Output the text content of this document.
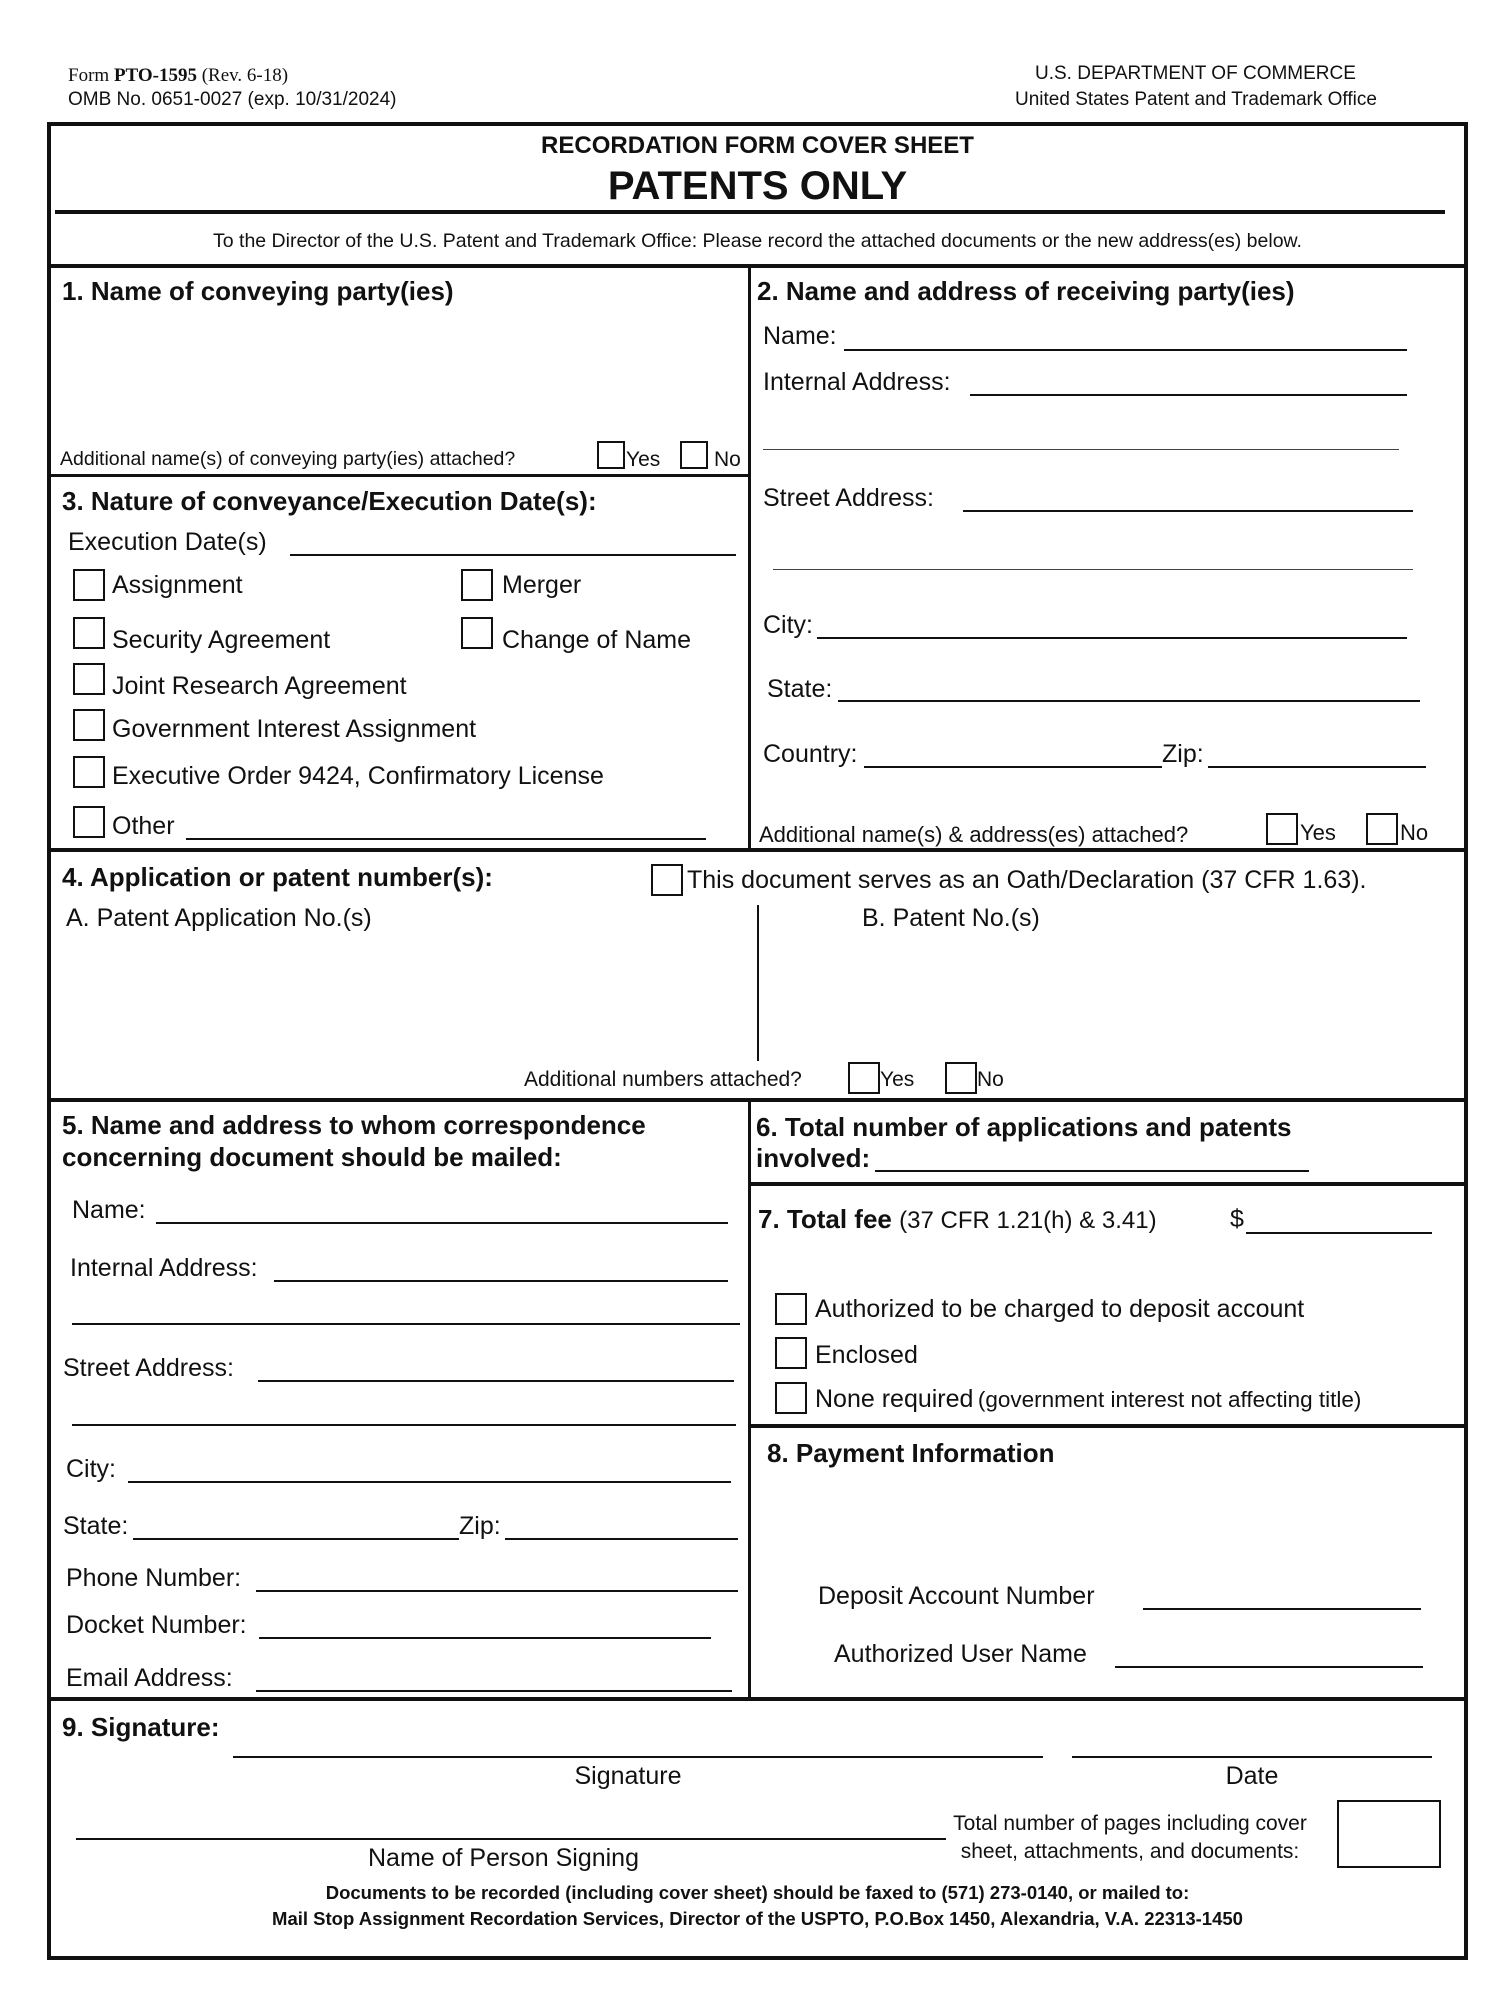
Form PTO-1595 (Rev. 6-18)
OMB No. 0651-0027 (exp. 10/31/2024)
U.S. DEPARTMENT OF COMMERCE
United States Patent and Trademark Office
RECORDATION FORM COVER SHEET
PATENTS ONLY
To the Director of the U.S. Patent and Trademark Office: Please record the attached documents or the new address(es) below.
1. Name of conveying party(ies)
Additional name(s) of conveying party(ies) attached?	Yes	No
3. Nature of conveyance/Execution Date(s):
Execution Date(s)
Assignment	Merger
Security Agreement	Change of Name
Joint Research Agreement
Government Interest Assignment
Executive Order 9424, Confirmatory License
Other
2. Name and address of receiving party(ies)
Name:
Internal Address:
Street Address:
City:
State:
Country:	Zip:
Additional name(s) & address(es) attached?	Yes	No
4. Application or patent number(s):	This document serves as an Oath/Declaration (37 CFR 1.63).
A. Patent Application No.(s)	B. Patent No.(s)
Additional numbers attached?	Yes	No
5. Name and address to whom correspondence
concerning document should be mailed:
Name:
Internal Address:
Street Address:
City:
State:	Zip:
Phone Number:
Docket Number:
Email Address:
6. Total number of applications and patents
involved:
7. Total fee (37 CFR 1.21(h) & 3.41)	$
Authorized to be charged to deposit account
Enclosed
None required (government interest not affecting title)
8. Payment Information
Deposit Account Number
Authorized User Name
9. Signature:
Signature	Date
Name of Person Signing
Total number of pages including cover
sheet, attachments, and documents:
Documents to be recorded (including cover sheet) should be faxed to (571) 273-0140, or mailed to:
Mail Stop Assignment Recordation Services, Director of the USPTO, P.O.Box 1450, Alexandria, V.A. 22313-1450
